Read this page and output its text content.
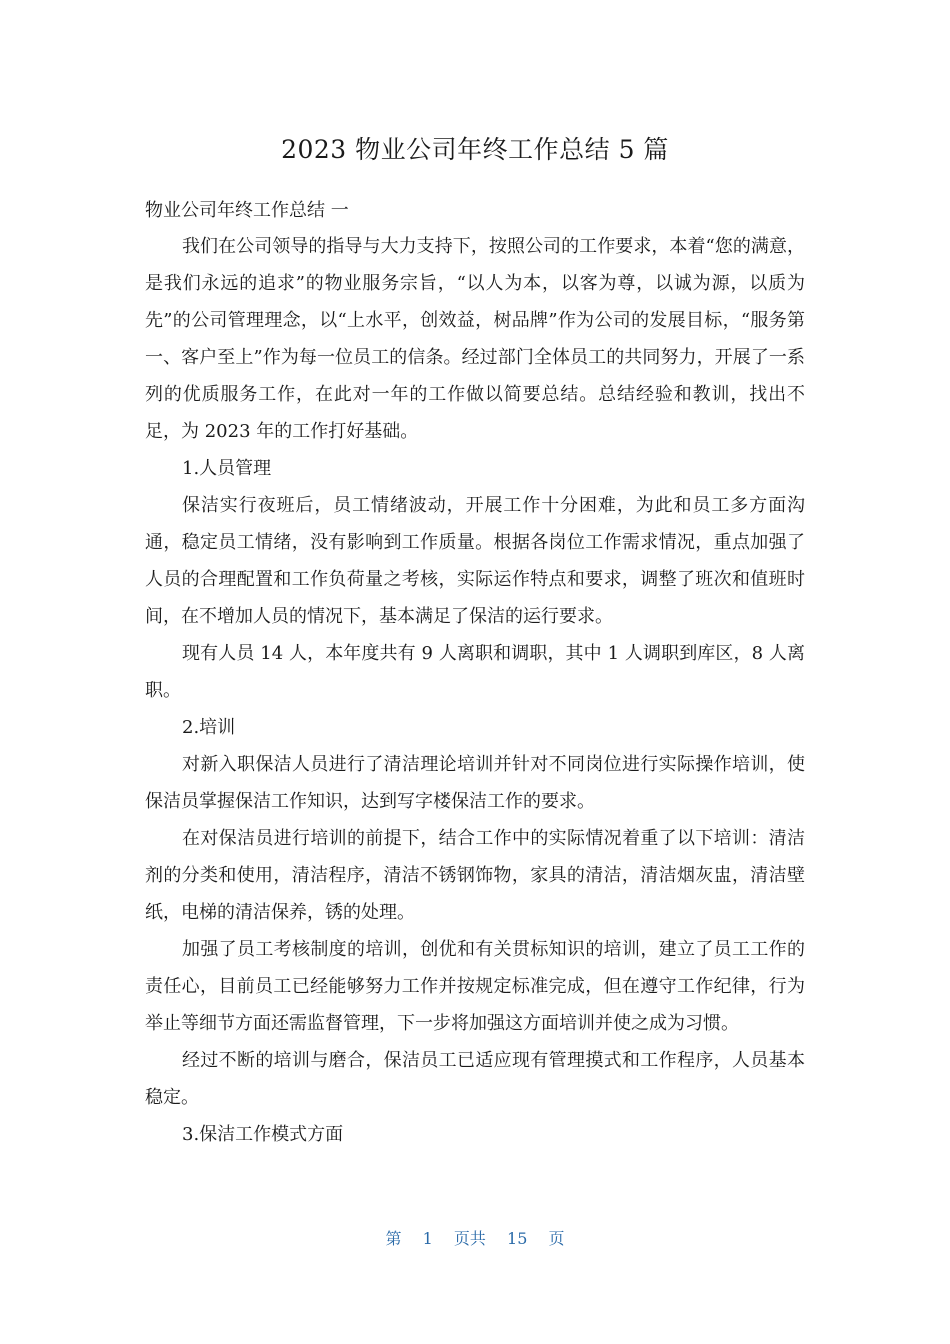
2023 物业公司年终工作总结 5 篇
物业公司年终工作总结 一

我们在公司领导的指导与大力支持下，按照公司的工作要求，本着“您的满意，是我们永远的追求”的物业服务宗旨，“以人为本，以客为尊，以诚为源，以质为先”的公司管理理念，以“上水平，创效益，树品牌”作为公司的发展目标，“服务第一、客户至上”作为每一位员工的信条。经过部门全体员工的共同努力，开展了一系列的优质服务工作，在此对一年的工作做以简要总结。总结经验和教训，找出不足，为 2023 年的工作打好基础。

1.人员管理

保洁实行夜班后，员工情绪波动，开展工作十分困难，为此和员工多方面沟通，稳定员工情绪，没有影响到工作质量。根据各岗位工作需求情况，重点加强了人员的合理配置和工作负荷量之考核，实际运作特点和要求，调整了班次和值班时间，在不增加人员的情况下，基本满足了保洁的运行要求。

现有人员 14 人，本年度共有 9 人离职和调职，其中 1 人调职到库区，8 人离职。

2.培训

对新入职保洁人员进行了清洁理论培训并针对不同岗位进行实际操作培训，使保洁员掌握保洁工作知识，达到写字楼保洁工作的要求。

在对保洁员进行培训的前提下，结合工作中的实际情况着重了以下培训：清洁剂的分类和使用，清洁程序，清洁不锈钢饰物，家具的清洁，清洁烟灰盅，清洁壁纸，电梯的清洁保养，锈的处理。

加强了员工考核制度的培训，创优和有关贯标知识的培训，建立了员工工作的责任心，目前员工已经能够努力工作并按规定标准完成，但在遵守工作纪律，行为举止等细节方面还需监督管理，下一步将加强这方面培训并使之成为习惯。

经过不断的培训与磨合，保洁员工已适应现有管理摸式和工作程序，人员基本稳定。

3.保洁工作模式方面

第 1 页共 15 页
